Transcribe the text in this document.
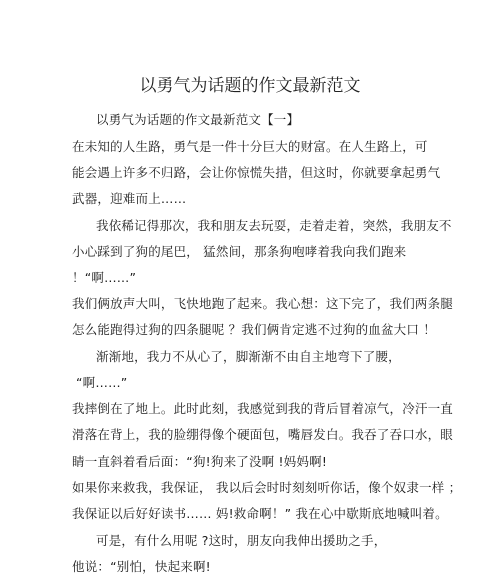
以勇气为话题的作文最新范文
以勇气为话题的作文最新范文【一】
在未知的人生路，勇气是一件十分巨大的财富。在人生路上，可
能会遇上许多不归路，会让你惊慌失措，但这时，你就要拿起勇气
武器，迎难而上……
我依稀记得那次，我和朋友去玩耍，走着走着，突然，我朋友不
小心踩到了狗的尾巴， 猛然间，那条狗咆哮着我向我们跑来
！“啊……”
我们俩放声大叫，飞快地跑了起来。我心想：这下完了，我们两条腿
怎么能跑得过狗的四条腿呢 ？我们俩肯定逃不过狗的血盆大口 ！
渐渐地，我力不从心了，脚渐渐不由自主地弯下了腰，
“啊……”
我摔倒在了地上。此时此刻，我感觉到我的背后冒着凉气，冷汗一直
滑落在背上，我的脸绷得像个硬面包，嘴唇发白。我吞了吞口水，眼
睛一直斜着看后面：“狗!狗来了没啊 !妈妈啊!
如果你来救我，我保证， 我以后会时时刻刻听你话，像个奴隶一样 ；
我保证以后好好读书…… 妈!救命啊！” 我在心中歇斯底地喊叫着。
可是，有什么用呢 ?这时，朋友向我伸出援助之手，
他说：“别怕，快起来啊!
